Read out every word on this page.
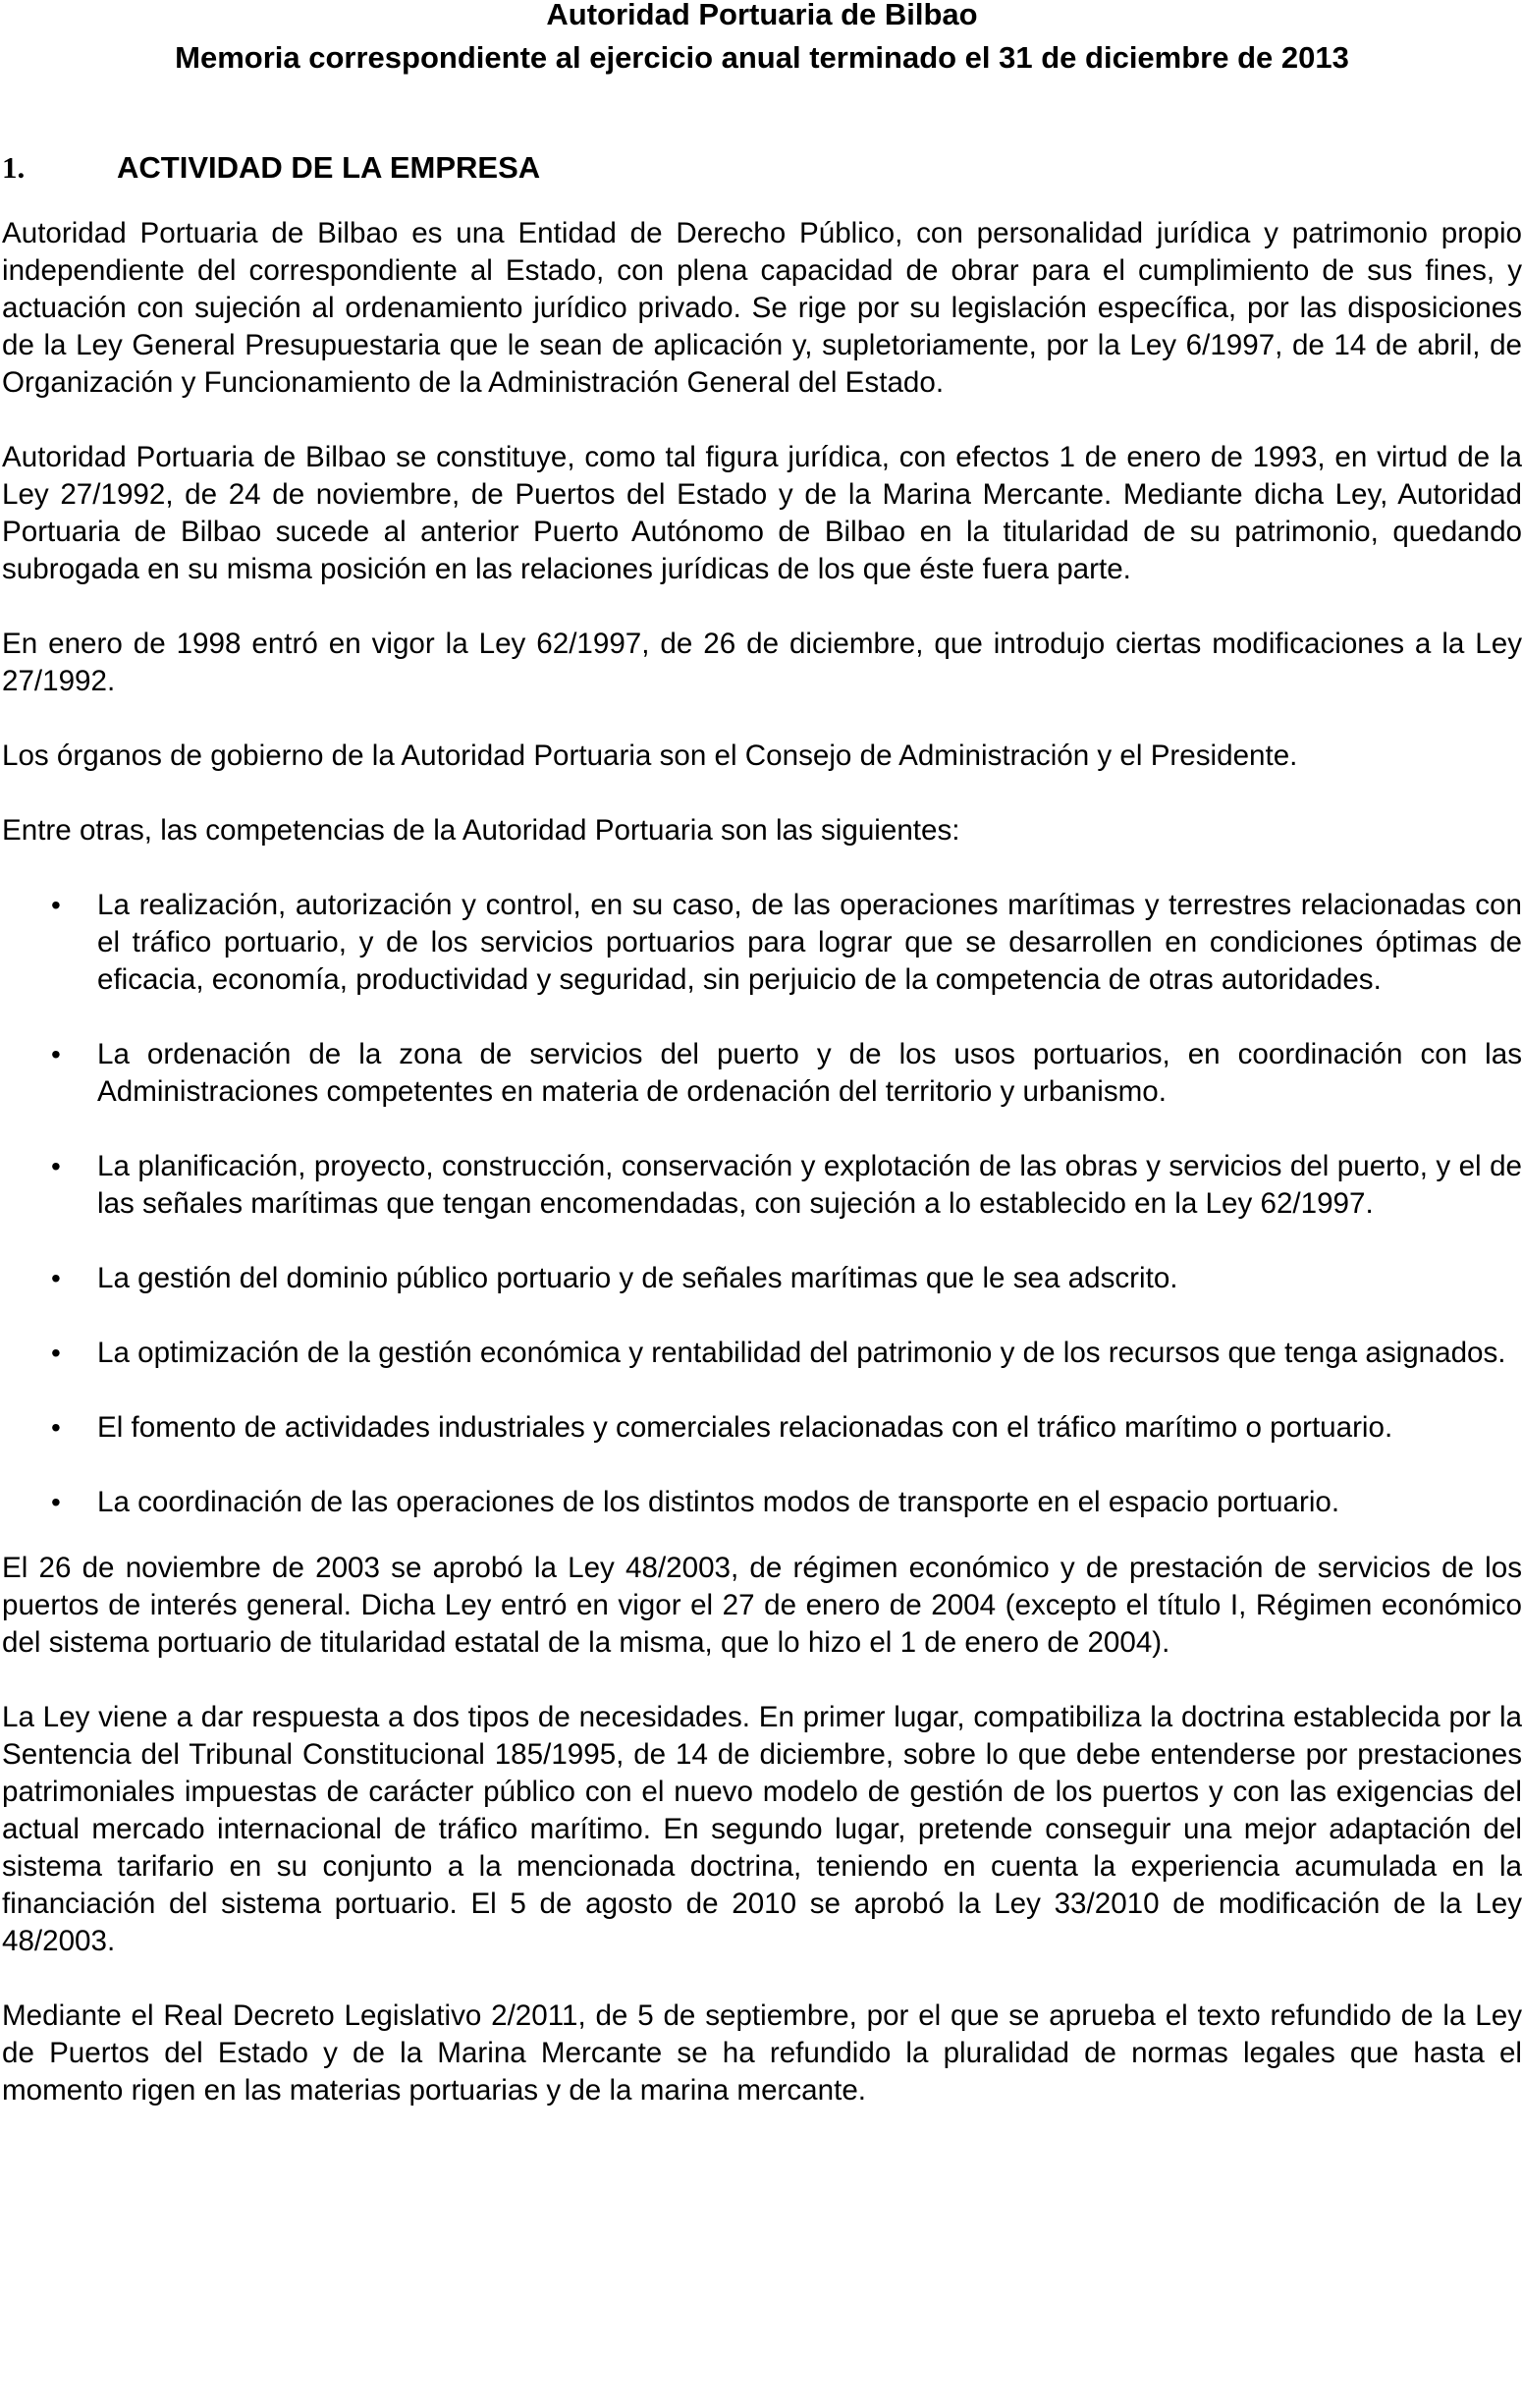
Autoridad Portuaria de Bilbao
Memoria correspondiente al ejercicio anual terminado el 31 de diciembre de 2013
1.	ACTIVIDAD DE LA EMPRESA

Autoridad Portuaria de Bilbao es una Entidad de Derecho Público, con personalidad jurídica y patrimonio propio independiente del correspondiente al Estado, con plena capacidad de obrar para el cumplimiento de sus fines, y actuación con sujeción al ordenamiento jurídico privado. Se rige por su legislación específica, por las disposiciones de la Ley General Presupuestaria que le sean de aplicación y, supletoriamente, por la Ley 6/1997, de 14 de abril, de Organización y Funcionamiento de la Administración General del Estado.

Autoridad Portuaria de Bilbao se constituye, como tal figura jurídica, con efectos 1 de enero de 1993, en virtud de la Ley 27/1992, de 24 de noviembre, de Puertos del Estado y de la Marina Mercante. Mediante dicha Ley, Autoridad Portuaria de Bilbao sucede al anterior Puerto Autónomo de Bilbao en la titularidad de su patrimonio, quedando subrogada en su misma posición en las relaciones jurídicas de los que éste fuera parte.

En enero de 1998 entró en vigor la Ley 62/1997, de 26 de diciembre, que introdujo ciertas modificaciones a la Ley 27/1992.

Los órganos de gobierno de la Autoridad Portuaria son el Consejo de Administración y el Presidente.

Entre otras, las competencias de la Autoridad Portuaria son las siguientes:

•	La realización, autorización y control, en su caso, de las operaciones marítimas y terrestres relacionadas con el tráfico portuario, y de los servicios portuarios para lograr que se desarrollen en condiciones óptimas de eficacia, economía, productividad y seguridad, sin perjuicio de la competencia de otras autoridades.
•	La ordenación de la zona de servicios del puerto y de los usos portuarios, en coordinación con las Administraciones competentes en materia de ordenación del territorio y urbanismo.
•	La planificación, proyecto, construcción, conservación y explotación de las obras y servicios del puerto, y el de las señales marítimas que tengan encomendadas, con sujeción a lo establecido en la Ley 62/1997.
•	La gestión del dominio público portuario y de señales marítimas que le sea adscrito.
•	La optimización de la gestión económica y rentabilidad del patrimonio y de los recursos que tenga asignados.
•	El fomento de actividades industriales y comerciales relacionadas con el tráfico marítimo o portuario.
•	La coordinación de las operaciones de los distintos modos de transporte en el espacio portuario.

El 26 de noviembre de 2003 se aprobó la Ley 48/2003, de régimen económico y de prestación de servicios de los puertos de interés general. Dicha Ley entró en vigor el 27 de enero de 2004 (excepto el título I, Régimen económico del sistema portuario de titularidad estatal de la misma, que lo hizo el 1 de enero de 2004).

La Ley viene a dar respuesta a dos tipos de necesidades. En primer lugar, compatibiliza la doctrina establecida por la Sentencia del Tribunal Constitucional 185/1995, de 14 de diciembre, sobre lo que debe entenderse por prestaciones patrimoniales impuestas de carácter público con el nuevo modelo de gestión de los puertos y con las exigencias del actual mercado internacional de tráfico marítimo. En segundo lugar, pretende conseguir una mejor adaptación del sistema tarifario en su conjunto a la mencionada doctrina, teniendo en cuenta la experiencia acumulada en la financiación del sistema portuario. El 5 de agosto de 2010 se aprobó la Ley 33/2010 de modificación de la Ley 48/2003.

Mediante el Real Decreto Legislativo 2/2011, de 5 de septiembre, por el que se aprueba el texto refundido de la Ley de Puertos del Estado y de la Marina Mercante se ha refundido la pluralidad de normas legales que hasta el momento rigen en las materias portuarias y de la marina mercante.
